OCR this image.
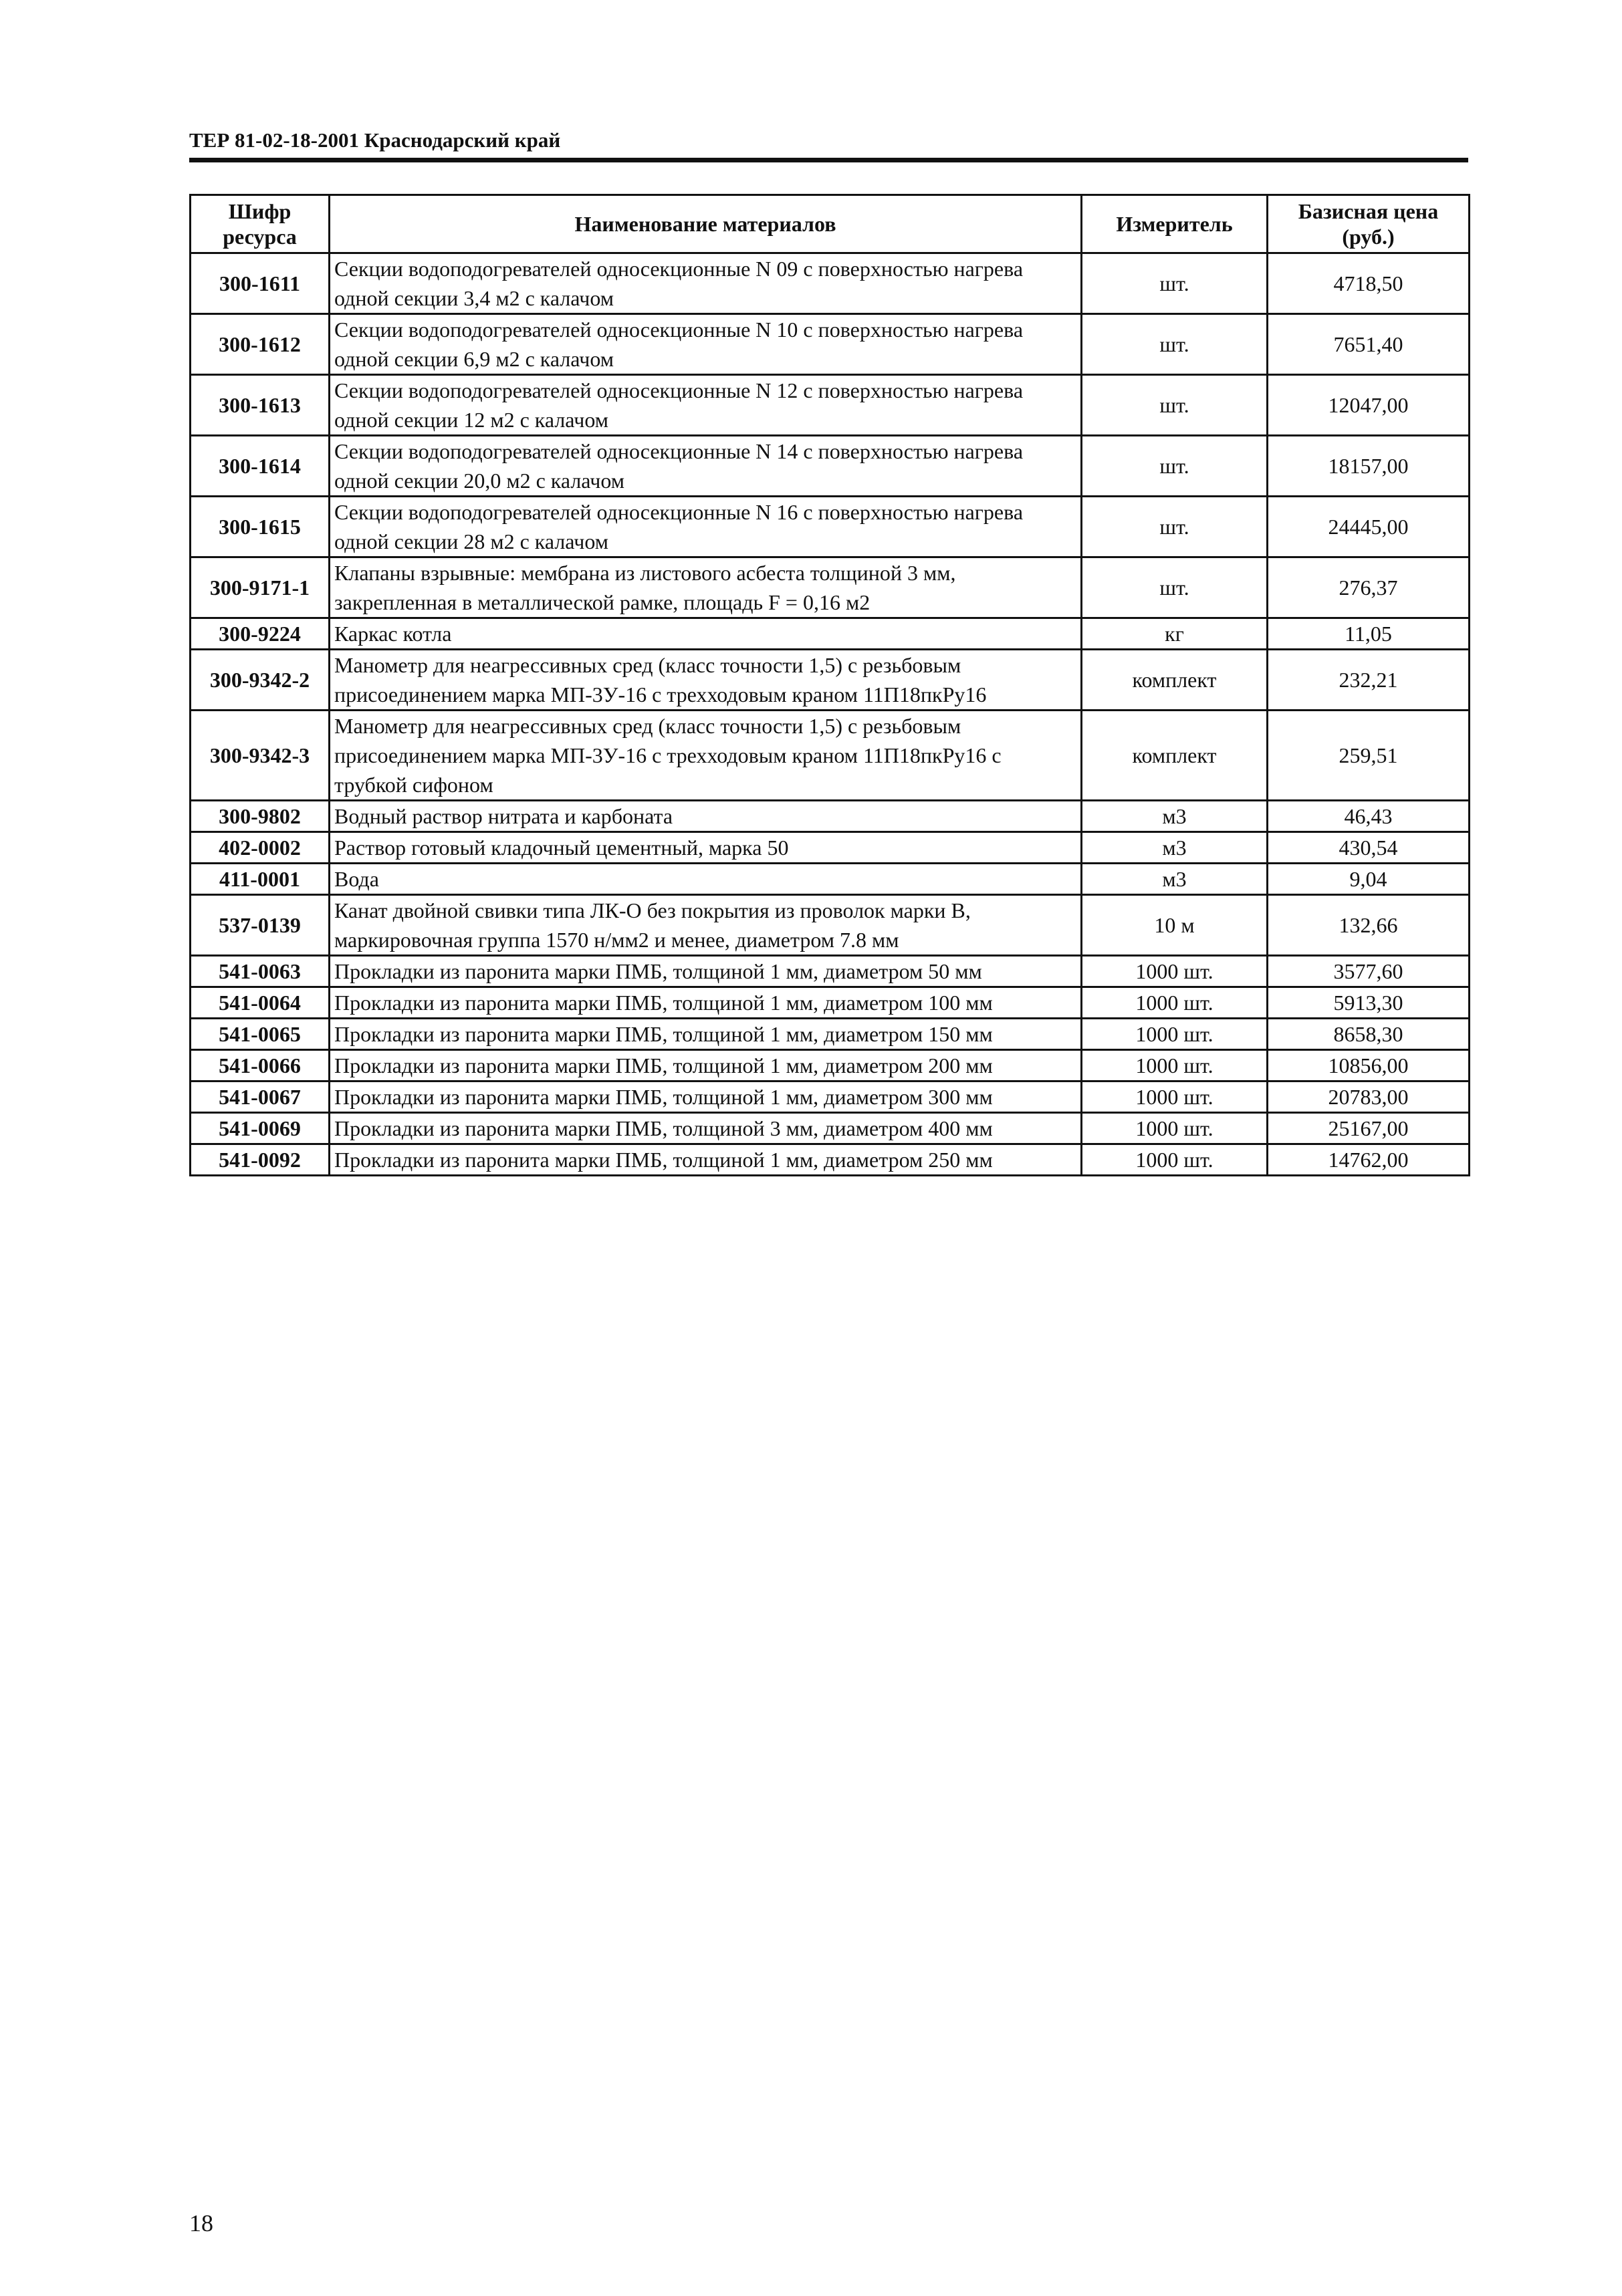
ТЕР 81-02-18-2001 Краснодарский край
Шифр ресурса	Наименование материалов	Измеритель	Базисная цена (руб.)
300-1611	Секции водоподогревателей односекционные N 09 с поверхностью нагрева одной секции 3,4 м2 с калачом	шт.	4718,50
300-1612	Секции водоподогревателей односекционные N 10 с поверхностью нагрева одной секции 6,9 м2 с калачом	шт.	7651,40
300-1613	Секции водоподогревателей односекционные N 12 с поверхностью нагрева одной секции 12 м2 с калачом	шт.	12047,00
300-1614	Секции водоподогревателей односекционные N 14 с поверхностью нагрева одной секции 20,0 м2 с калачом	шт.	18157,00
300-1615	Секции водоподогревателей односекционные N 16 с поверхностью нагрева одной секции 28 м2 с калачом	шт.	24445,00
300-9171-1	Клапаны взрывные: мембрана из листового асбеста толщиной 3 мм, закрепленная в металлической рамке, площадь F = 0,16 м2	шт.	276,37
300-9224	Каркас котла	кг	11,05
300-9342-2	Манометр для неагрессивных сред (класс точности 1,5) с резьбовым присоединением марка МП-3У-16 с трехходовым краном 11П18пкРу16	комплект	232,21
300-9342-3	Манометр для неагрессивных сред (класс точности 1,5) с резьбовым присоединением марка МП-3У-16 с трехходовым краном 11П18пкРу16 с трубкой сифоном	комплект	259,51
300-9802	Водный раствор нитрата и карбоната	м3	46,43
402-0002	Раствор готовый кладочный цементный, марка 50	м3	430,54
411-0001	Вода	м3	9,04
537-0139	Канат двойной свивки типа ЛК-О без покрытия из проволок марки В, маркировочная группа 1570 н/мм2 и менее, диаметром 7.8 мм	10 м	132,66
541-0063	Прокладки из паронита марки ПМБ, толщиной 1 мм, диаметром 50 мм	1000 шт.	3577,60
541-0064	Прокладки из паронита марки ПМБ, толщиной 1 мм, диаметром 100 мм	1000 шт.	5913,30
541-0065	Прокладки из паронита марки ПМБ, толщиной 1 мм, диаметром 150 мм	1000 шт.	8658,30
541-0066	Прокладки из паронита марки ПМБ, толщиной 1 мм, диаметром 200 мм	1000 шт.	10856,00
541-0067	Прокладки из паронита марки ПМБ, толщиной 1 мм, диаметром 300 мм	1000 шт.	20783,00
541-0069	Прокладки из паронита марки ПМБ, толщиной 3 мм, диаметром 400 мм	1000 шт.	25167,00
541-0092	Прокладки из паронита марки ПМБ, толщиной 1 мм, диаметром 250 мм	1000 шт.	14762,00
18
